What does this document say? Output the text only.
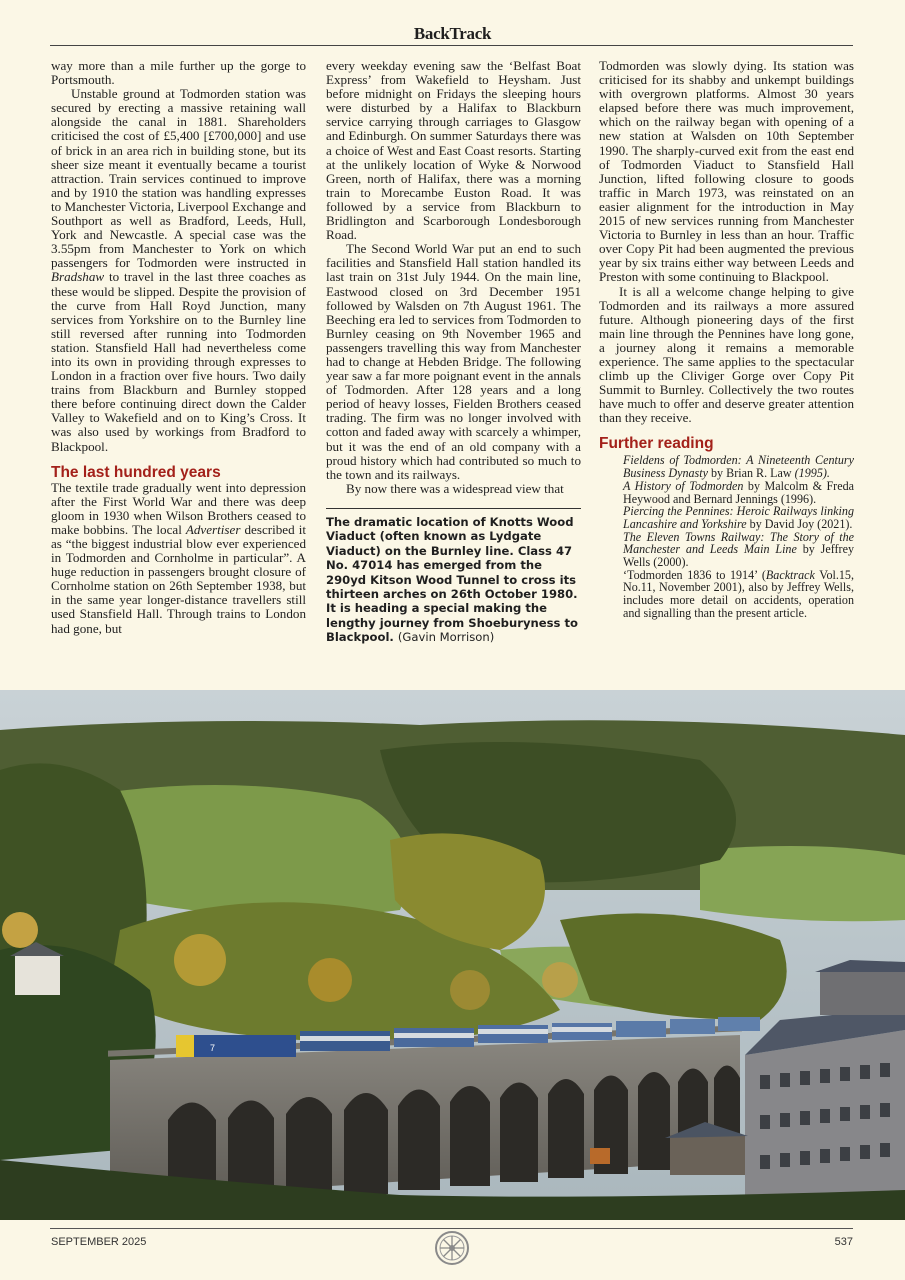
BackTrack

way more than a mile further up the gorge to Portsmouth.

Unstable ground at Todmorden station was secured by erecting a massive retaining wall alongside the canal in 1881. Shareholders criticised the cost of £5,400 [£700,000] and use of brick in an area rich in building stone, but its sheer size meant it eventually became a tourist attraction. Train services continued to improve and by 1910 the station was handling expresses to Manchester Victoria, Liverpool Exchange and Southport as well as Bradford, Leeds, Hull, York and Newcastle. A special case was the 3.55pm from Manchester to York on which passengers for Todmorden were instructed in Bradshaw to travel in the last three coaches as these would be slipped. Despite the provision of the curve from Hall Royd Junction, many services from Yorkshire on to the Burnley line still reversed after running into Todmorden station. Stansfield Hall had nevertheless come into its own in providing through expresses to London in a fraction over five hours. Two daily trains from Blackburn and Burnley stopped there before continuing direct down the Calder Valley to Wakefield and on to King’s Cross. It was also used by workings from Bradford to Blackpool.

The last hundred years

The textile trade gradually went into depression after the First World War and there was deep gloom in 1930 when Wilson Brothers ceased to make bobbins. The local Advertiser described it as “the biggest industrial blow ever experienced in Todmorden and Cornholme in particular”. A huge reduction in passengers brought closure of Cornholme station on 26th September 1938, but in the same year longer-distance travellers still used Stansfield Hall. Through trains to London had gone, but

every weekday evening saw the ‘Belfast Boat Express’ from Wakefield to Heysham. Just before midnight on Fridays the sleeping hours were disturbed by a Halifax to Blackburn service carrying through carriages to Glasgow and Edinburgh. On summer Saturdays there was a choice of West and East Coast resorts. Starting at the unlikely location of Wyke & Norwood Green, north of Halifax, there was a morning train to Morecambe Euston Road. It was followed by a service from Blackburn to Bridlington and Scarborough Londesborough Road.

The Second World War put an end to such facilities and Stansfield Hall station handled its last train on 31st July 1944. On the main line, Eastwood closed on 3rd December 1951 followed by Walsden on 7th August 1961. The Beeching era led to services from Todmorden to Burnley ceasing on 9th November 1965 and passengers travelling this way from Manchester had to change at Hebden Bridge. The following year saw a far more poignant event in the annals of Todmorden. After 128 years and a long period of heavy losses, Fielden Brothers ceased trading. The firm was no longer involved with cotton and faded away with scarcely a whimper, but it was the end of an old company with a proud history which had contributed so much to the town and its railways.

By now there was a widespread view that

The dramatic location of Knotts Wood Viaduct (often known as Lydgate Viaduct) on the Burnley line. Class 47 No. 47014 has emerged from the 290yd Kitson Wood Tunnel to cross its thirteen arches on 26th October 1980. It is heading a special making the lengthy journey from Shoeburyness to Blackpool. (Gavin Morrison)

Todmorden was slowly dying. Its station was criticised for its shabby and unkempt buildings with overgrown platforms. Almost 30 years elapsed before there was much improvement, which on the railway began with opening of a new station at Walsden on 10th September 1990. The sharply-curved exit from the east end of Todmorden Viaduct to Stansfield Hall Junction, lifted following closure to goods traffic in March 1973, was reinstated on an easier alignment for the introduction in May 2015 of new services running from Manchester Victoria to Burnley in less than an hour. Traffic over Copy Pit had been augmented the previous year by six trains either way between Leeds and Preston with some continuing to Blackpool.

It is all a welcome change helping to give Todmorden and its railways a more assured future. Although pioneering days of the first main line through the Pennines have long gone, a journey along it remains a memorable experience. The same applies to the spectacular climb up the Cliviger Gorge over Copy Pit Summit to Burnley. Collectively the two routes have much to offer and deserve greater attention than they receive.

Further reading

Fieldens of Todmorden: A Nineteenth Century Business Dynasty by Brian R. Law (1995).

A History of Todmorden by Malcolm & Freda Heywood and Bernard Jennings (1996).

Piercing the Pennines: Heroic Railways linking Lancashire and Yorkshire by David Joy (2021).

The Eleven Towns Railway: The Story of the Manchester and Leeds Main Line by Jeffrey Wells (2000).

‘Todmorden 1836 to 1914’ (Backtrack Vol.15, No.11, November 2001), also by Jeffrey Wells, includes more detail on accidents, operation and signalling than the present article.

7
SEPTEMBER 2025	537
